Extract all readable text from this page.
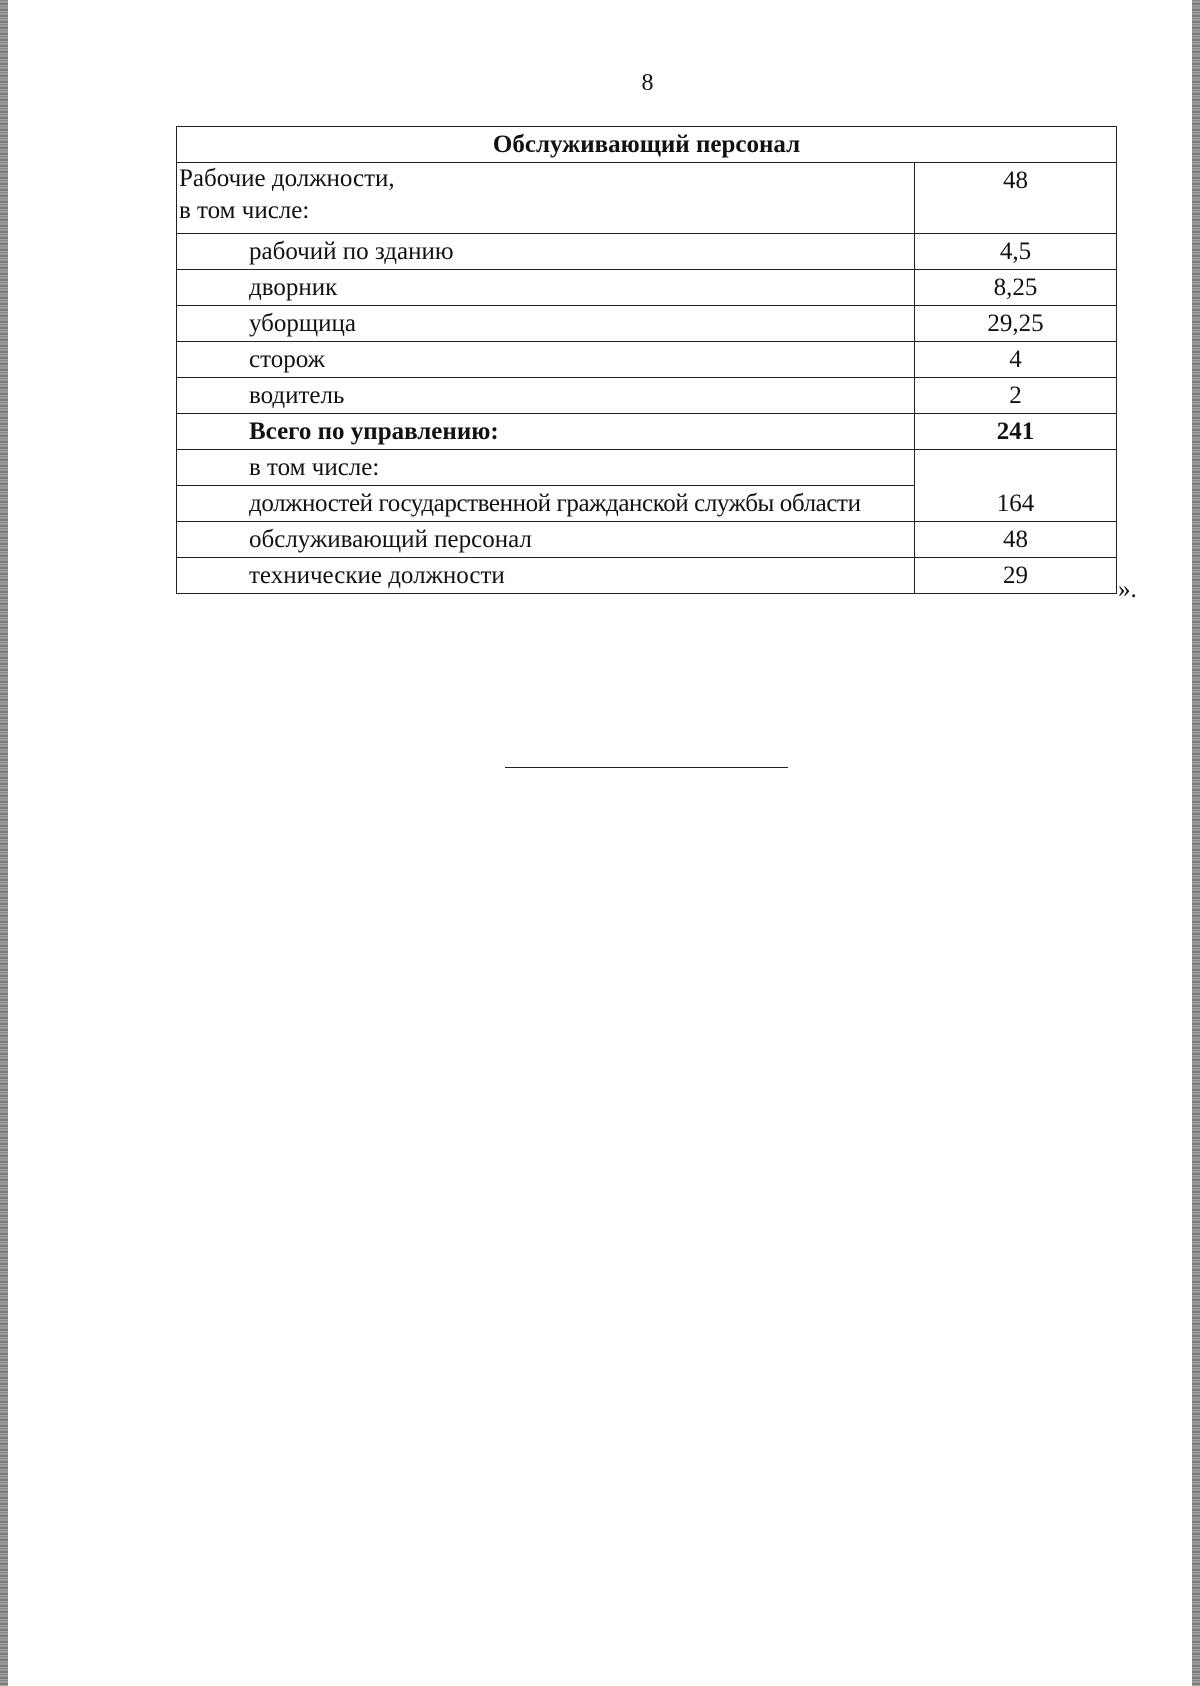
8
Обслуживающий персонал	

Рабочие должности,
в том числе:	48
рабочий по зданию	4,5
дворник	8,25
уборщица	29,25
сторож	4
водитель	2
Всего по управлению:	241
в том числе:	
должностей государственной гражданской службы области	164
обслуживающий персонал	48
технические должности	29
».
